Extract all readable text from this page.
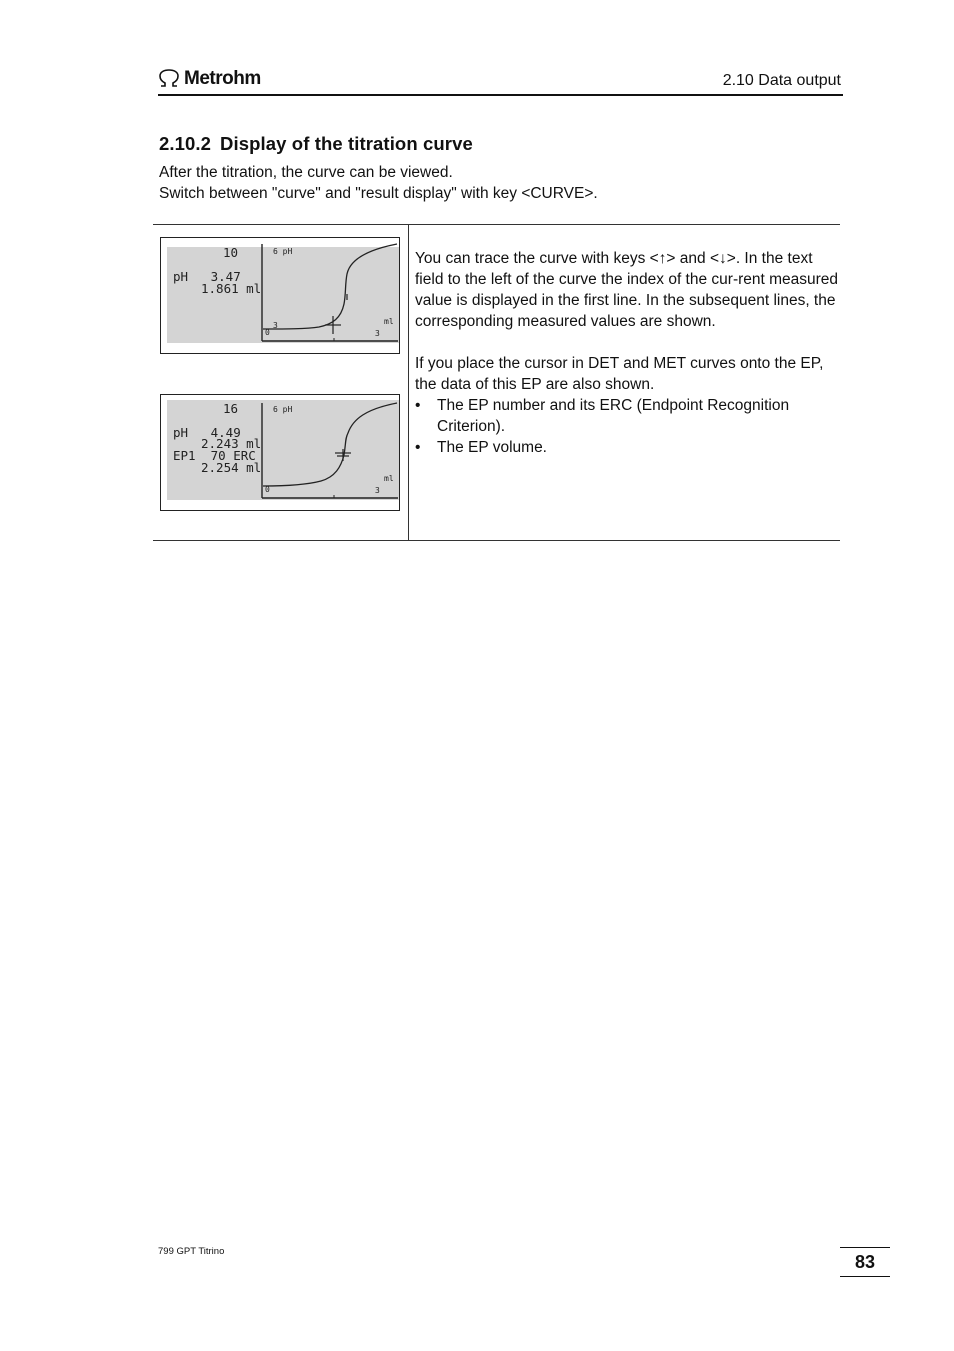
Metrohm	2.10 Data output
2.10.2 Display of the titration curve
After the titration, the curve can be viewed.
Switch between "curve" and "result display" with key <CURVE>.
10
pH   3.47
1.861 ml
6 pH
ml
3
0	3
16
pH   4.49
2.243 ml
EP1  70 ERC
2.254 ml
6 pH
ml
0	3

You can trace the curve with keys <↑> and <↓>. In the text field to the left of the curve the index of the cur-rent measured value is displayed in the first line. In the subsequent lines, the corresponding measured values are shown.

If you place the cursor in DET and MET curves onto the EP, the data of this EP are also shown.

• The EP number and its ERC (Endpoint Recognition Criterion).
• The EP volume.
799 GPT Titrino
83
